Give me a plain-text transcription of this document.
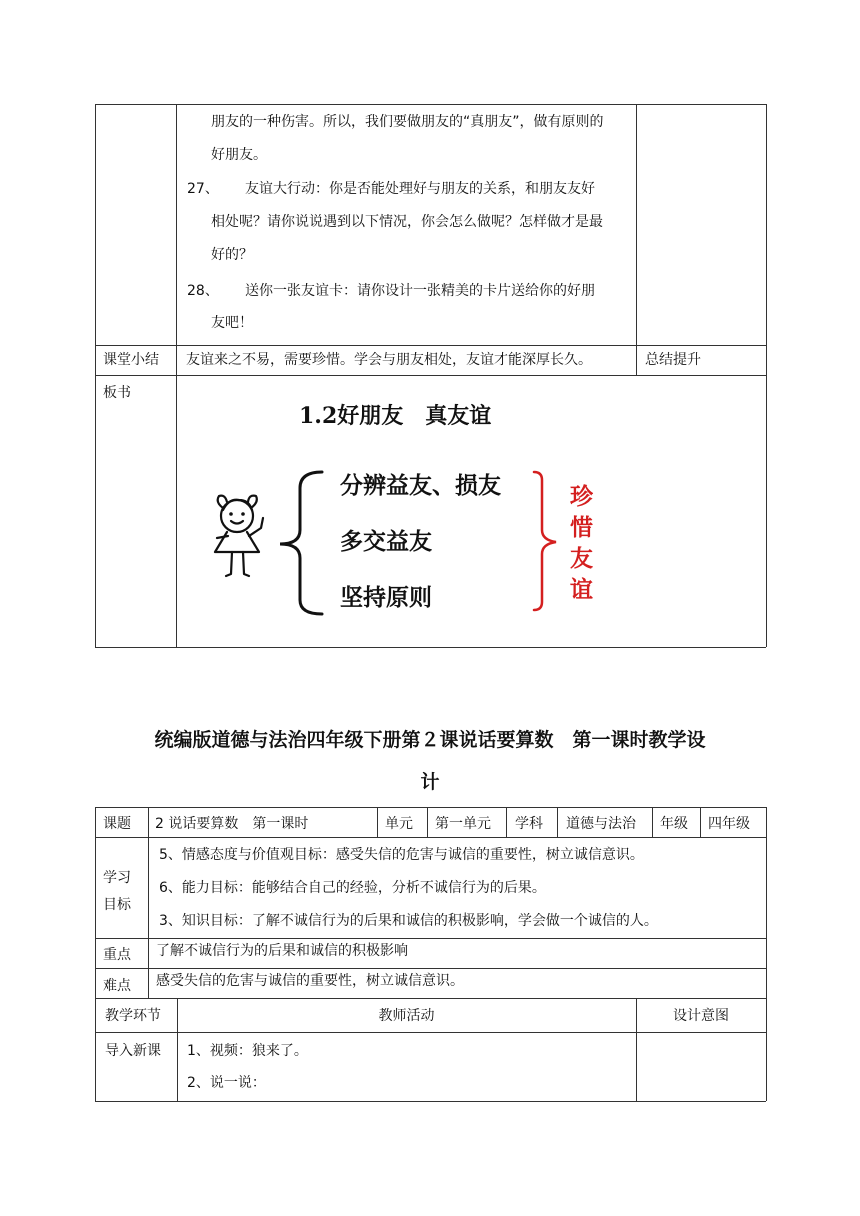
朋友的一种伤害。所以，我们要做朋友的“真朋友”，做有原则的
好朋友。
27、 友谊大行动：你是否能处理好与朋友的关系，和朋友友好
相处呢？请你说说遇到以下情况，你会怎么做呢？怎样做才是最
好的？
28、 送你一张友谊卡：请你设计一张精美的卡片送给你的好朋
友吧！
课堂小结 友谊来之不易，需要珍惜。学会与朋友相处，友谊才能深厚长久。	总结提升
板书
1.2好朋友　真友谊
分辨益友、损友
多交益友
坚持原则
珍
惜
友
谊
统编版道德与法治四年级下册第２课说话要算数　第一课时教学设
计
课题 2 说话要算数　第一课时	单元 第一单元 学科 道德与法治 年级 四年级
学习
目标
5、情感态度与价值观目标：感受失信的危害与诚信的重要性，树立诚信意识。
6、能力目标：能够结合自己的经验，分析不诚信行为的后果。
3、知识目标：了解不诚信行为的后果和诚信的积极影响，学会做一个诚信的人。
重点 了解不诚信行为的后果和诚信的积极影响
难点 感受失信的危害与诚信的重要性，树立诚信意识。
教学环节	教师活动	设计意图
导入新课 1、视频：狼来了。
2、说一说：
